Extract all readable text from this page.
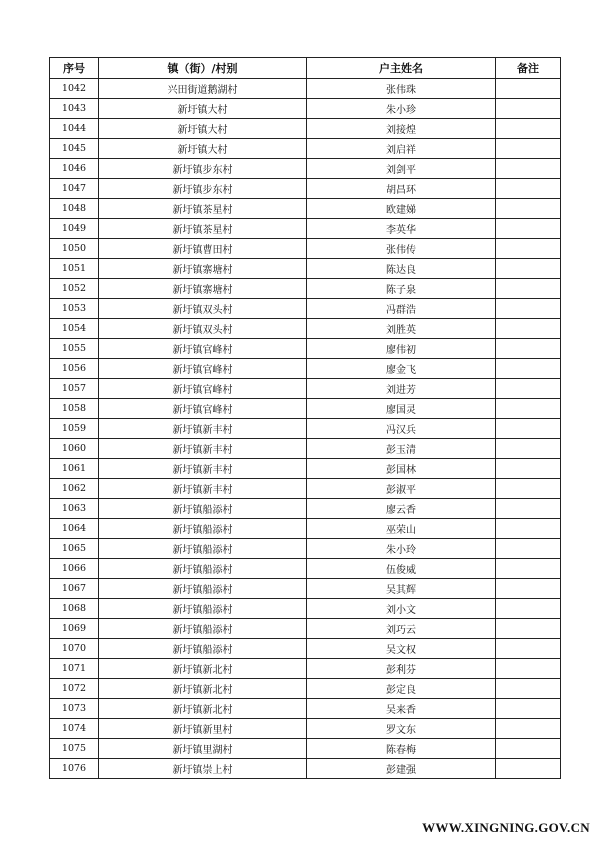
序号	镇（街）/村别	户主姓名	备注
1042	兴田街道鹅湖村	张伟珠	
1043	新圩镇大村	朱小珍	
1044	新圩镇大村	刘接煌	
1045	新圩镇大村	刘启祥	
1046	新圩镇步东村	刘剑平	
1047	新圩镇步东村	胡昌环	
1048	新圩镇茶星村	欧建娣	
1049	新圩镇茶星村	李英华	
1050	新圩镇曹田村	张伟传	
1051	新圩镇寨塘村	陈达良	
1052	新圩镇寨塘村	陈子泉	
1053	新圩镇双头村	冯群浩	
1054	新圩镇双头村	刘胜英	
1055	新圩镇官峰村	廖伟初	
1056	新圩镇官峰村	廖金飞	
1057	新圩镇官峰村	刘进芳	
1058	新圩镇官峰村	廖国灵	
1059	新圩镇新丰村	冯汉兵	
1060	新圩镇新丰村	彭玉清	
1061	新圩镇新丰村	彭国林	
1062	新圩镇新丰村	彭淑平	
1063	新圩镇船添村	廖云香	
1064	新圩镇船添村	巫荣山	
1065	新圩镇船添村	朱小玲	
1066	新圩镇船添村	伍俊威	
1067	新圩镇船添村	吴其辉	
1068	新圩镇船添村	刘小文	
1069	新圩镇船添村	刘巧云	
1070	新圩镇船添村	吴文权	
1071	新圩镇新北村	彭利芬	
1072	新圩镇新北村	彭定良	
1073	新圩镇新北村	吴来香	
1074	新圩镇新里村	罗文东	
1075	新圩镇里湖村	陈春梅	
1076	新圩镇崇上村	彭建强	
WWW.XINGNING.GOV.CN
